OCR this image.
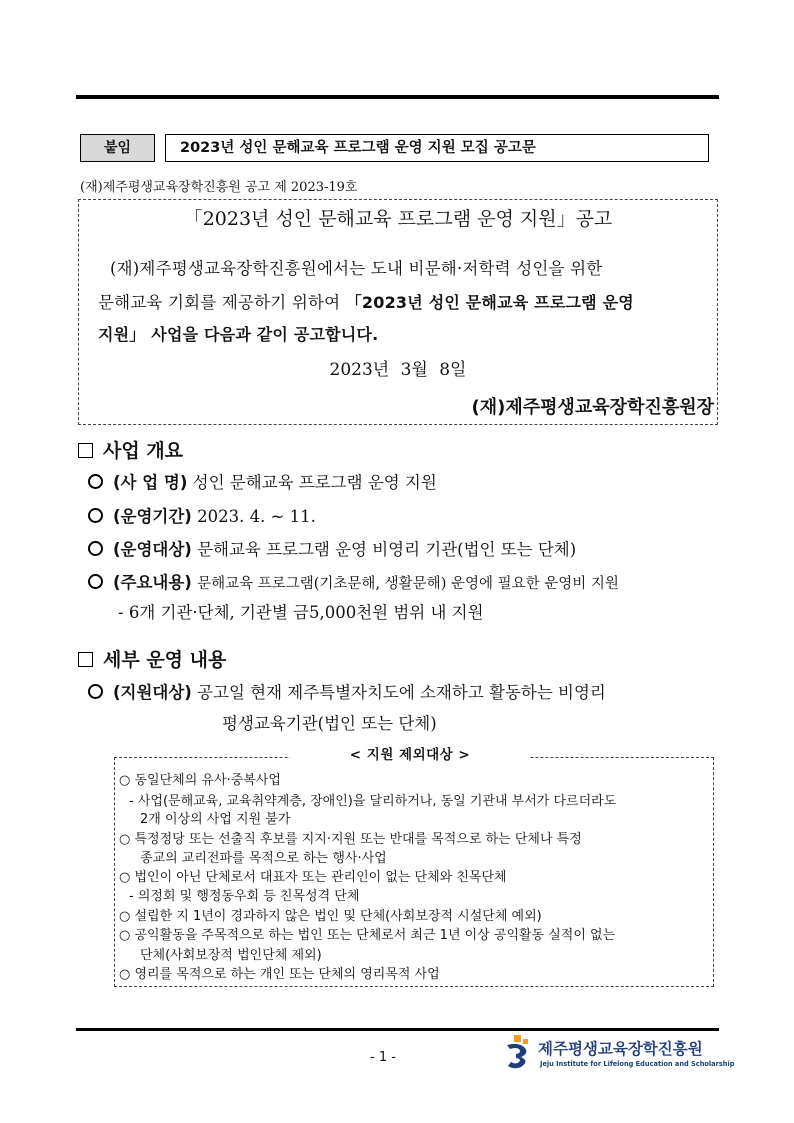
붙임	2023년 성인 문해교육 프로그램 운영 지원 모집 공고문
(재)제주평생교육장학진흥원 공고 제 2023-19호
「2023년 성인 문해교육 프로그램 운영 지원」공고
(재)제주평생교육장학진흥원에서는 도내 비문해·저학력 성인을 위한
문해교육 기회를 제공하기 위하여 「2023년 성인 문해교육 프로그램 운영
지원」 사업을 다음과 같이 공고합니다.
2023년 3월 8일
(재)제주평생교육장학진흥원장
사업 개요
(사 업 명) 성인 문해교육 프로그램 운영 지원
(운영기간) 2023. 4. ~ 11.
(운영대상) 문해교육 프로그램 운영 비영리 기관(법인 또는 단체)
(주요내용) 문해교육 프로그램(기초문해, 생활문해) 운영에 필요한 운영비 지원
- 6개 기관·단체, 기관별 금5,000천원 범위 내 지원
세부 운영 내용
(지원대상) 공고일 현재 제주특별자치도에 소재하고 활동하는 비영리
평생교육기관(법인 또는 단체)
< 지원 제외대상 >
○ 동일단체의 유사·중복사업
- 사업(문해교육, 교육취약계층, 장애인)을 달리하거나, 동일 기관내 부서가 다르더라도
2개 이상의 사업 지원 불가
○ 특정정당 또는 선출직 후보를 지지·지원 또는 반대를 목적으로 하는 단체나 특정
종교의 교리전파를 목적으로 하는 행사·사업
○ 법인이 아닌 단체로서 대표자 또는 관리인이 없는 단체와 친목단체
- 의정회 및 행정동우회 등 친목성격 단체
○ 설립한 지 1년이 경과하지 않은 법인 및 단체(사회보장적 시설단체 예외)
○ 공익활동을 주목적으로 하는 법인 또는 단체로서 최근 1년 이상 공익활동 실적이 없는
단체(사회보장적 법인단체 제외)
○ 영리를 목적으로 하는 개인 또는 단체의 영리목적 사업
- 1 -	제주평생교육장학진흥원
Jeju Institute for Lifelong Education and Scholarship
